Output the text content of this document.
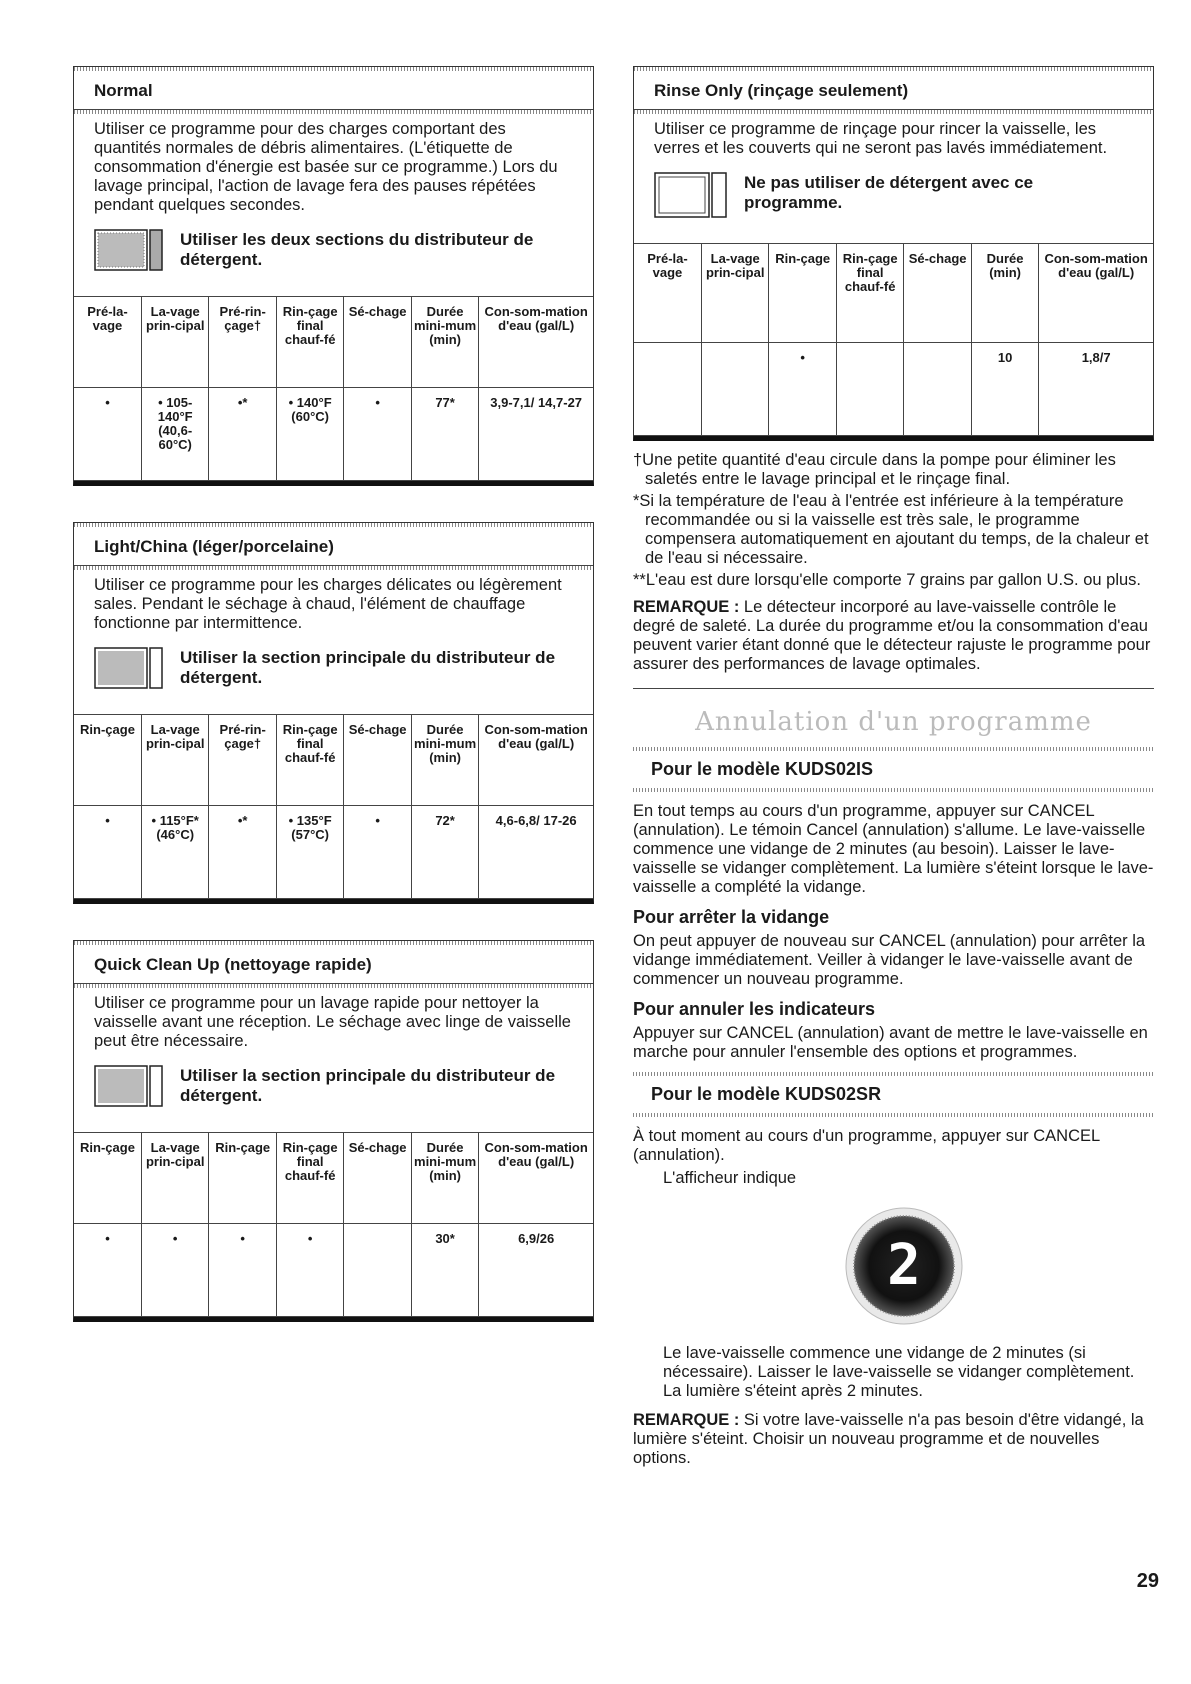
Normal

Utiliser ce programme pour des charges comportant des quantités normales de débris alimentaires. (L'étiquette de consommation d'énergie est basée sur ce programme.) Lors du lavage principal, l'action de lavage fera des pauses répétées pendant quelques secondes.

Utiliser les deux sections du distributeur de détergent.
Pré-la-vage	La-vage prin-cipal	Pré-rin-çage†	Rin-çage final chauf-fé	Sé-chage	Durée mini-mum (min)	Con-som-mation d'eau (gal/L)
•	• 105-140°F (40,6-60°C)	•*	• 140°F (60°C)	•	77*	3,9-7,1/ 14,7-27
Light/China (léger/porcelaine)

Utiliser ce programme pour les charges délicates ou légèrement sales. Pendant le séchage à chaud, l'élément de chauffage fonctionne par intermittence.

Utiliser la section principale du distributeur de détergent.
Rin-çage	La-vage prin-cipal	Pré-rin-çage†	Rin-çage final chauf-fé	Sé-chage	Durée mini-mum (min)	Con-som-mation d'eau (gal/L)
•	• 115°F* (46°C)	•*	• 135°F (57°C)	•	72*	4,6-6,8/ 17-26
Quick Clean Up (nettoyage rapide)

Utiliser ce programme pour un lavage rapide pour nettoyer la vaisselle avant une réception. Le séchage avec linge de vaisselle peut être nécessaire.

Utiliser la section principale du distributeur de détergent.
Rin-çage	La-vage prin-cipal	Rin-çage	Rin-çage final chauf-fé	Sé-chage	Durée mini-mum (min)	Con-som-mation d'eau (gal/L)
•	•	•	•		30*	6,9/26
Rinse Only (rinçage seulement)

Utiliser ce programme de rinçage pour rincer la vaisselle, les verres et les couverts qui ne seront pas lavés immédiatement.

Ne pas utiliser de détergent avec ce programme.
Pré-la-vage	La-vage prin-cipal	Rin-çage	Rin-çage final chauf-fé	Sé-chage	Durée (min)	Con-som-mation d'eau (gal/L)
		•			10	1,8/7
†Une petite quantité d'eau circule dans la pompe pour éliminer les saletés entre le lavage principal et le rinçage final.
*Si la température de l'eau à l'entrée est inférieure à la température recommandée ou si la vaisselle est très sale, le programme compensera automatiquement en ajoutant du temps, de la chaleur et de l'eau si nécessaire.
**L'eau est dure lorsqu'elle comporte 7 grains par gallon U.S. ou plus.
REMARQUE : Le détecteur incorporé au lave-vaisselle contrôle le degré de saleté. La durée du programme et/ou la consommation d'eau peuvent varier étant donné que le détecteur rajuste le programme pour assurer des performances de lavage optimales.
Annulation d'un programme
Pour le modèle KUDS02IS

En tout temps au cours d'un programme, appuyer sur CANCEL (annulation). Le témoin Cancel (annulation) s'allume. Le lave-vaisselle commence une vidange de 2 minutes (au besoin). Laisser le lave-vaisselle se vidanger complètement. La lumière s'éteint lorsque le lave-vaisselle a complété la vidange.

Pour arrêter la vidange

On peut appuyer de nouveau sur CANCEL (annulation) pour arrêter la vidange immédiatement. Veiller à vidanger le lave-vaisselle avant de commencer un nouveau programme.

Pour annuler les indicateurs

Appuyer sur CANCEL (annulation) avant de mettre le lave-vaisselle en marche pour annuler l'ensemble des options et programmes.

Pour le modèle KUDS02SR

À tout moment au cours d'un programme, appuyer sur CANCEL (annulation).

L'afficheur indique

2

Le lave-vaisselle commence une vidange de 2 minutes (si nécessaire). Laisser le lave-vaisselle se vidanger complètement. La lumière s'éteint après 2 minutes.

REMARQUE : Si votre lave-vaisselle n'a pas besoin d'être vidangé, la lumière s'éteint. Choisir un nouveau programme et de nouvelles options.
29
